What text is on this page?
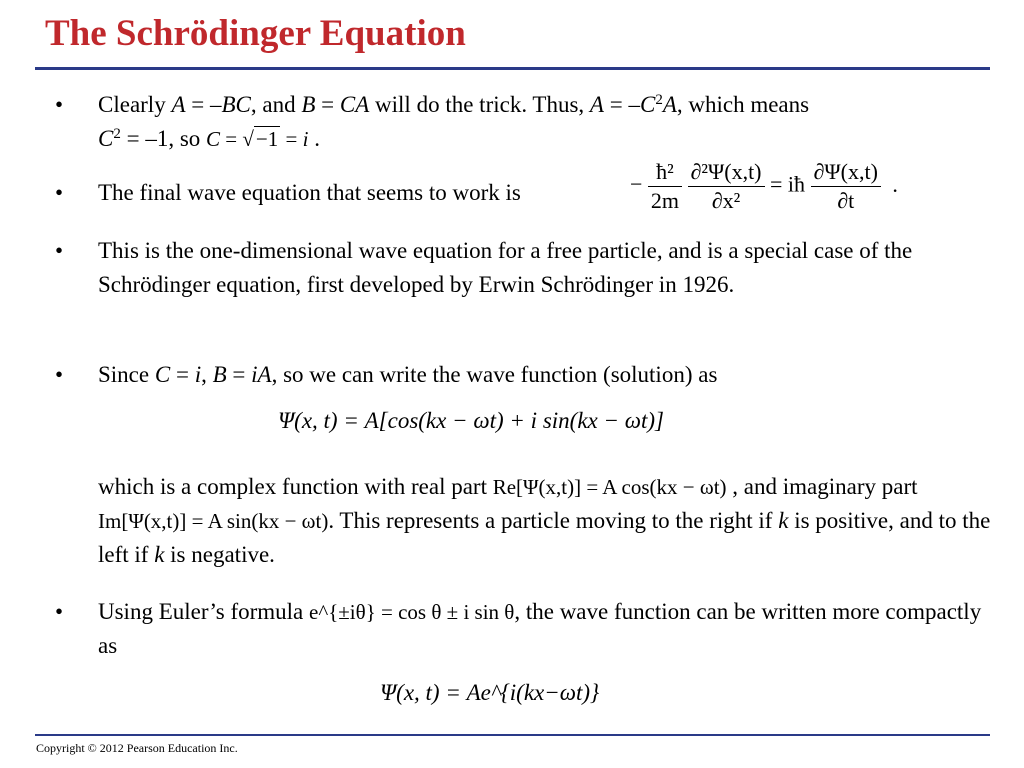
The Schrödinger Equation
• Clearly A = –BC, and B = CA will do the trick. Thus, $A = -C^2A$, which means
$C^2 = -1$, so C = √−1 = i .
• The final wave equation that seems to work is	− $\frac{\text{ħ²}}{2m}$
$\frac{\text{∂²Ψ(x,t)}}{\text{∂x²}}$ = iħ $\frac{\partial\Psi(x,t)}{\partial t}$ .
• This is the one-dimensional wave equation for a free particle, and is a special case of the Schrödinger equation, first developed by Erwin Schrödinger in 1926.
• Since C = i, B = iA, so we can write the wave function (solution) as
Ψ(x, t) = A[cos(kx − ωt) + i sin(kx − ωt)]
which is a complex function with real part Re[Ψ(x,t)] = A cos(kx − ωt) , and imaginary part Im[Ψ(x,t)] = A sin(kx − ωt). This represents a particle moving to the right if k is positive, and to the left if k is negative.
• Using Euler’s formula e^{±iθ} = cos θ ± i sin θ, the wave function can be written more compactly as
Ψ(x, t) = Ae^{i(kx−ωt)}
Copyright © 2012 Pearson Education Inc.
